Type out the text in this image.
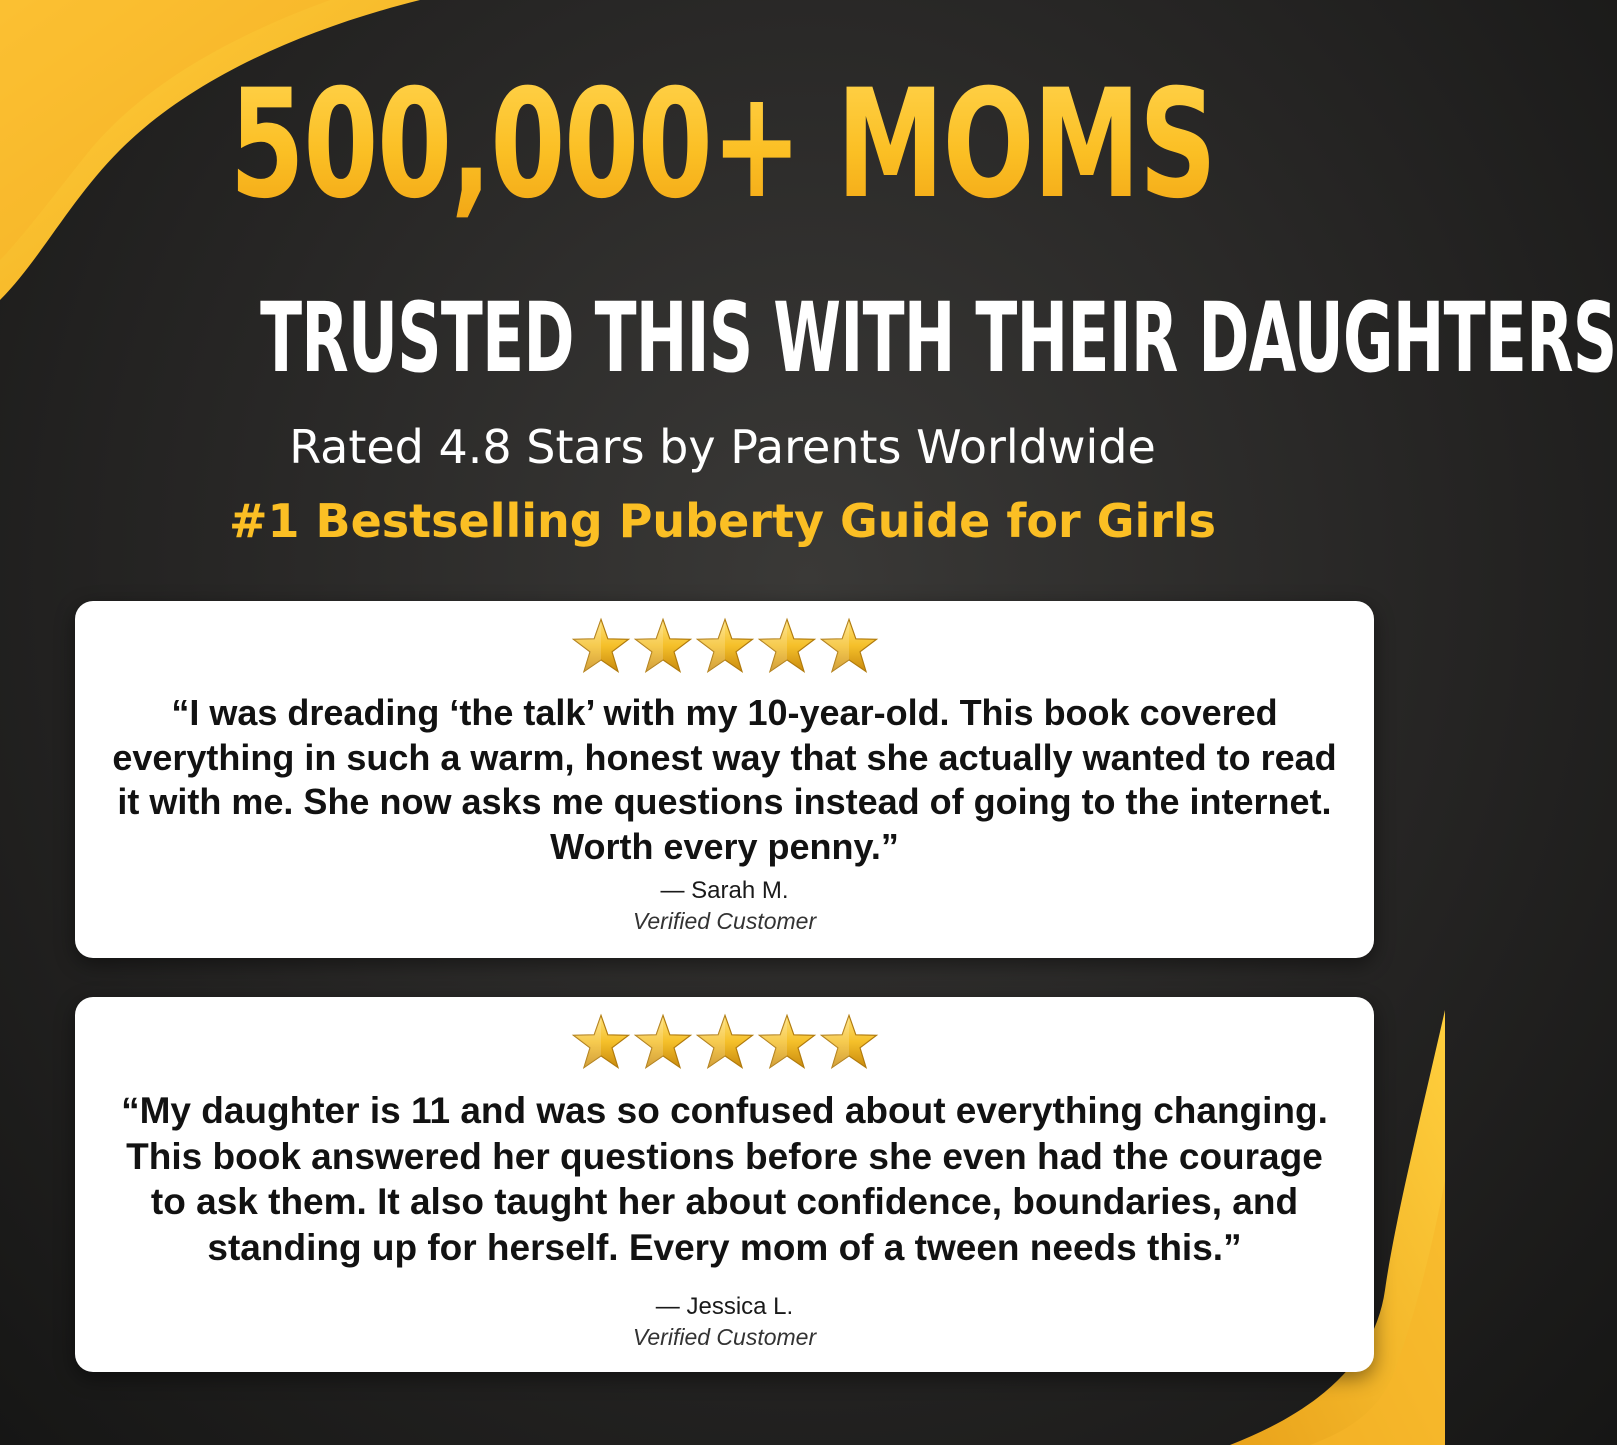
500,000+ MOMS
TRUSTED THIS WITH THEIR DAUGHTERS
Rated 4.8 Stars by Parents Worldwide
#1 Bestselling Puberty Guide for Girls
“I was dreading ‘the talk’ with my 10-year-old. This book covered everything in such a warm, honest way that she actually wanted to read it with me. She now asks me questions instead of going to the internet. Worth every penny.”
— Sarah M.
Verified Customer
“My daughter is 11 and was so confused about everything changing. This book answered her questions before she even had the courage to ask them. It also taught her about confidence, boundaries, and standing up for herself. Every mom of a tween needs this.”
— Jessica L.
Verified Customer
